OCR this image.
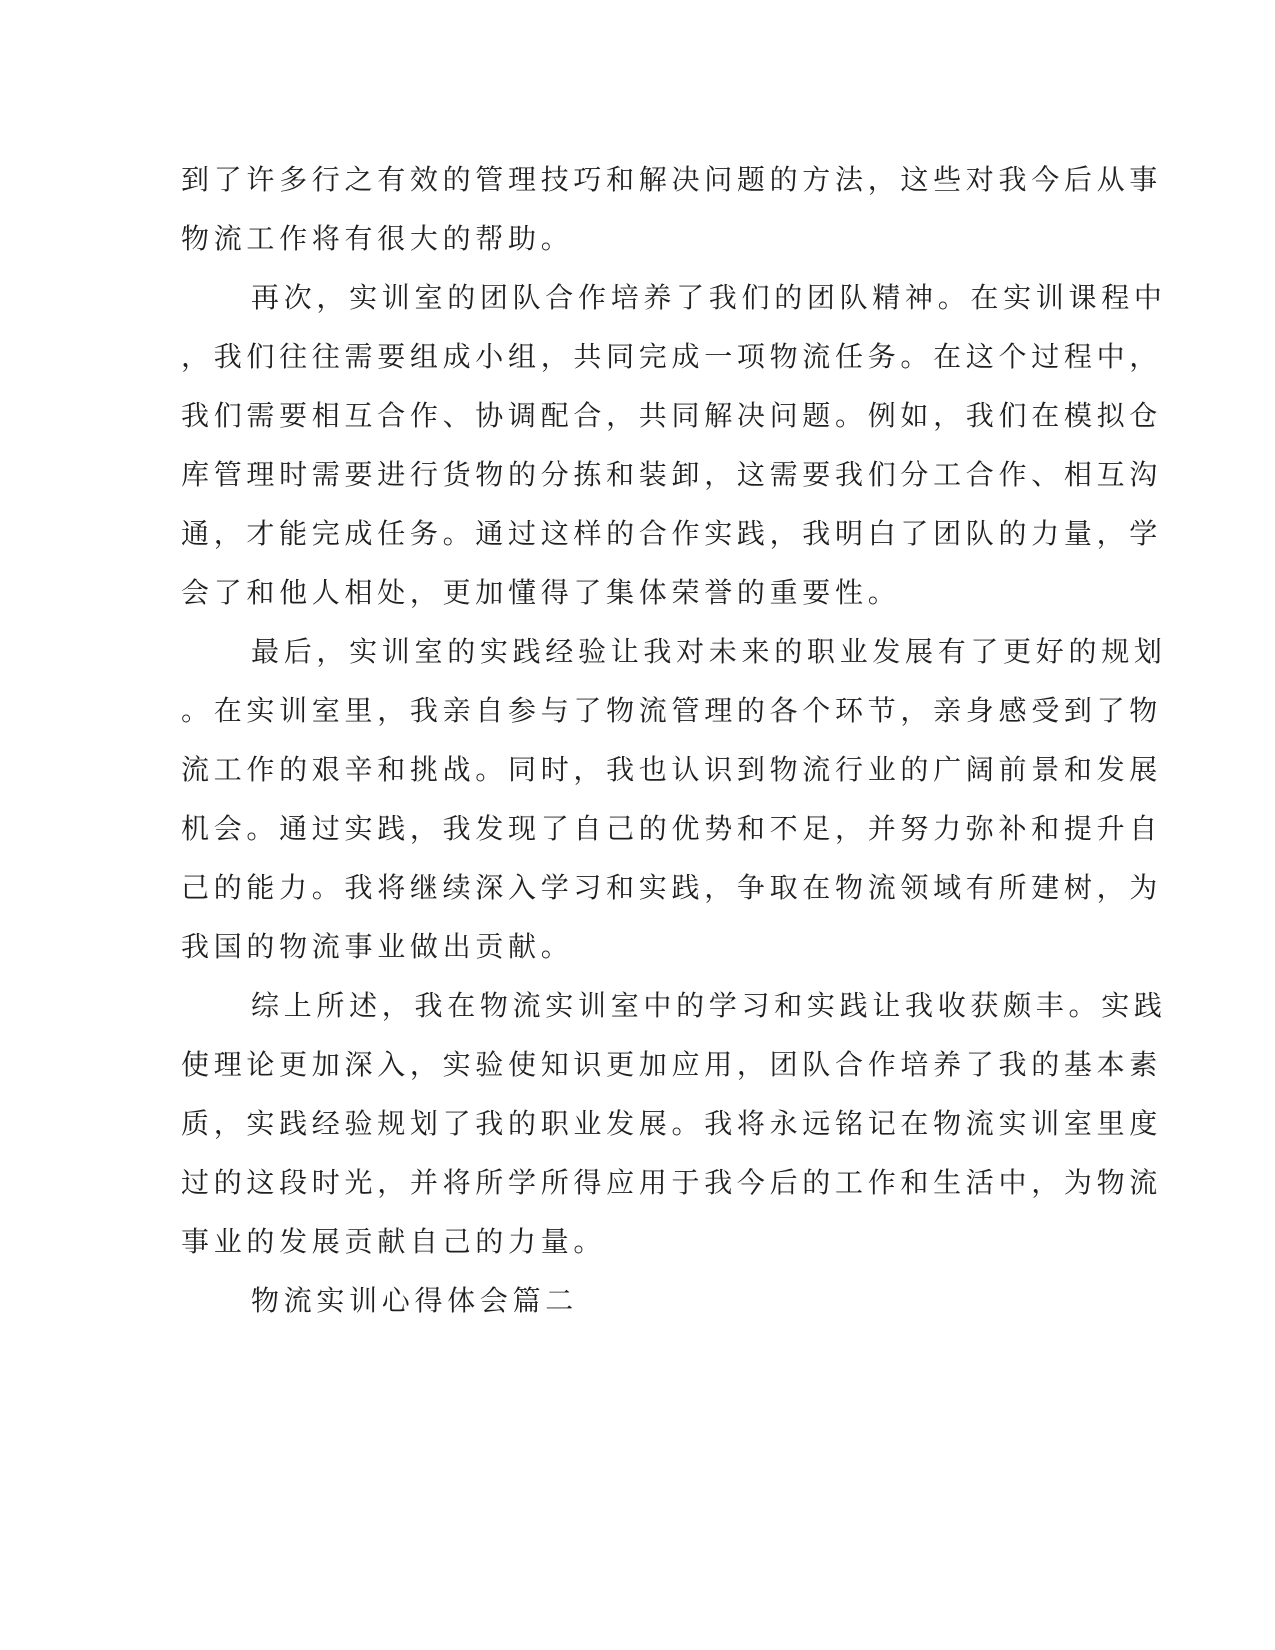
到了许多行之有效的管理技巧和解决问题的方法，这些对我今后从事
物流工作将有很大的帮助。
再次，实训室的团队合作培养了我们的团队精神。在实训课程中
，我们往往需要组成小组，共同完成一项物流任务。在这个过程中，
我们需要相互合作、协调配合，共同解决问题。例如，我们在模拟仓
库管理时需要进行货物的分拣和装卸，这需要我们分工合作、相互沟
通，才能完成任务。通过这样的合作实践，我明白了团队的力量，学
会了和他人相处，更加懂得了集体荣誉的重要性。
最后，实训室的实践经验让我对未来的职业发展有了更好的规划
。在实训室里，我亲自参与了物流管理的各个环节，亲身感受到了物
流工作的艰辛和挑战。同时，我也认识到物流行业的广阔前景和发展
机会。通过实践，我发现了自己的优势和不足，并努力弥补和提升自
己的能力。我将继续深入学习和实践，争取在物流领域有所建树，为
我国的物流事业做出贡献。
综上所述，我在物流实训室中的学习和实践让我收获颇丰。实践
使理论更加深入，实验使知识更加应用，团队合作培养了我的基本素
质，实践经验规划了我的职业发展。我将永远铭记在物流实训室里度
过的这段时光，并将所学所得应用于我今后的工作和生活中，为物流
事业的发展贡献自己的力量。
物流实训心得体会篇二
